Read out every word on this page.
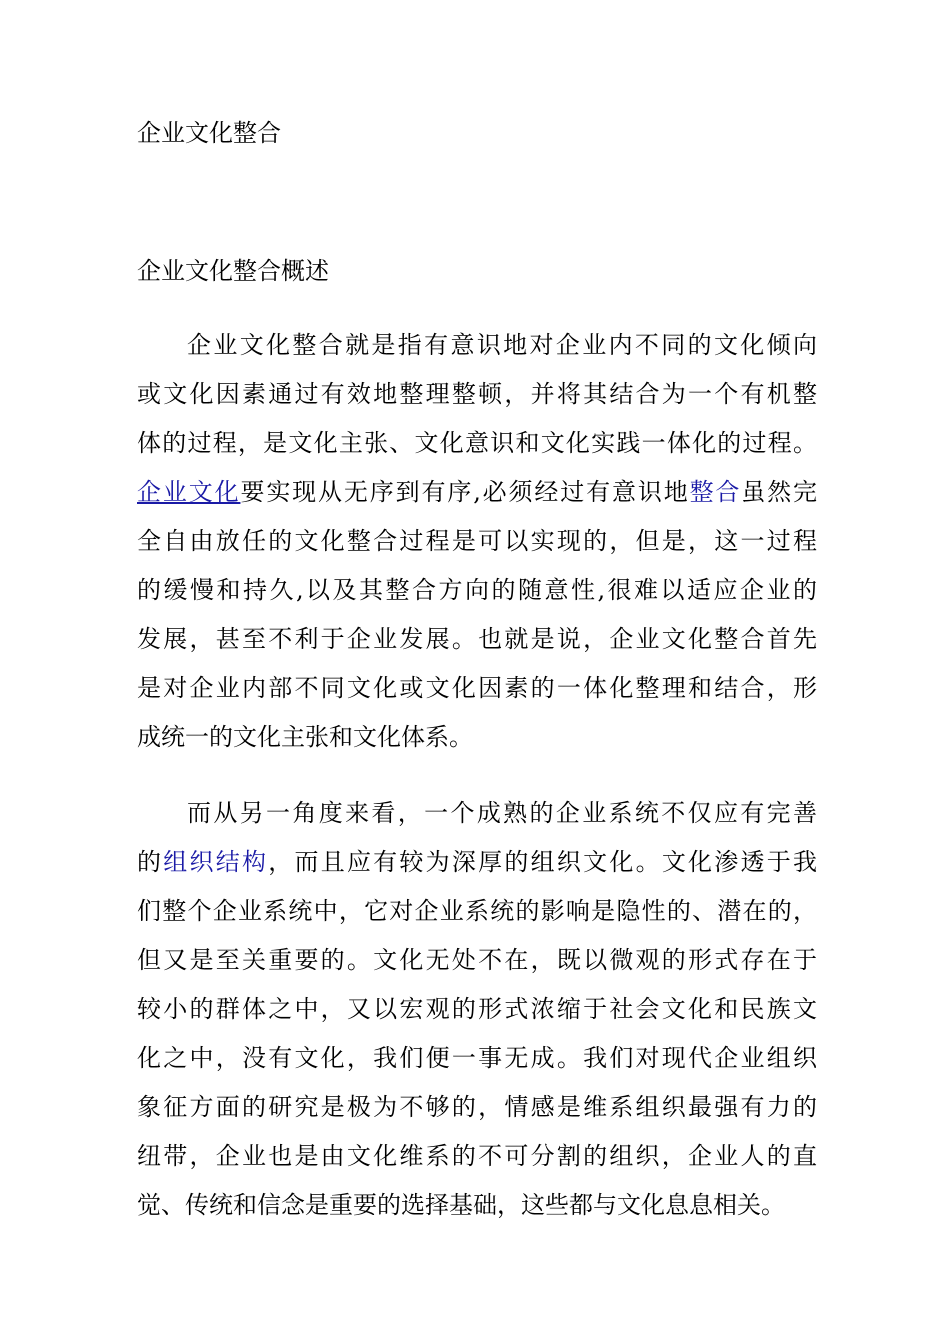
企业文化整合
企业文化整合概述
企业文化整合就是指有意识地对企业内不同的文化倾向
或文化因素通过有效地整理整顿，并将其结合为一个有机整
体的过程，是文化主张、文化意识和文化实践一体化的过程。
企业文化要实现从无序到有序,必须经过有意识地整合虽然完
全自由放任的文化整合过程是可以实现的，但是，这一过程
的缓慢和持久,以及其整合方向的随意性,很难以适应企业的
发展，甚至不利于企业发展。也就是说，企业文化整合首先
是对企业内部不同文化或文化因素的一体化整理和结合，形
成统一的文化主张和文化体系。
而从另一角度来看，一个成熟的企业系统不仅应有完善
的组织结构，而且应有较为深厚的组织文化。文化渗透于我
们整个企业系统中，它对企业系统的影响是隐性的、潜在的，
但又是至关重要的。文化无处不在，既以微观的形式存在于
较小的群体之中，又以宏观的形式浓缩于社会文化和民族文
化之中，没有文化，我们便一事无成。我们对现代企业组织
象征方面的研究是极为不够的，情感是维系组织最强有力的
纽带，企业也是由文化维系的不可分割的组织，企业人的直
觉、传统和信念是重要的选择基础，这些都与文化息息相关。
